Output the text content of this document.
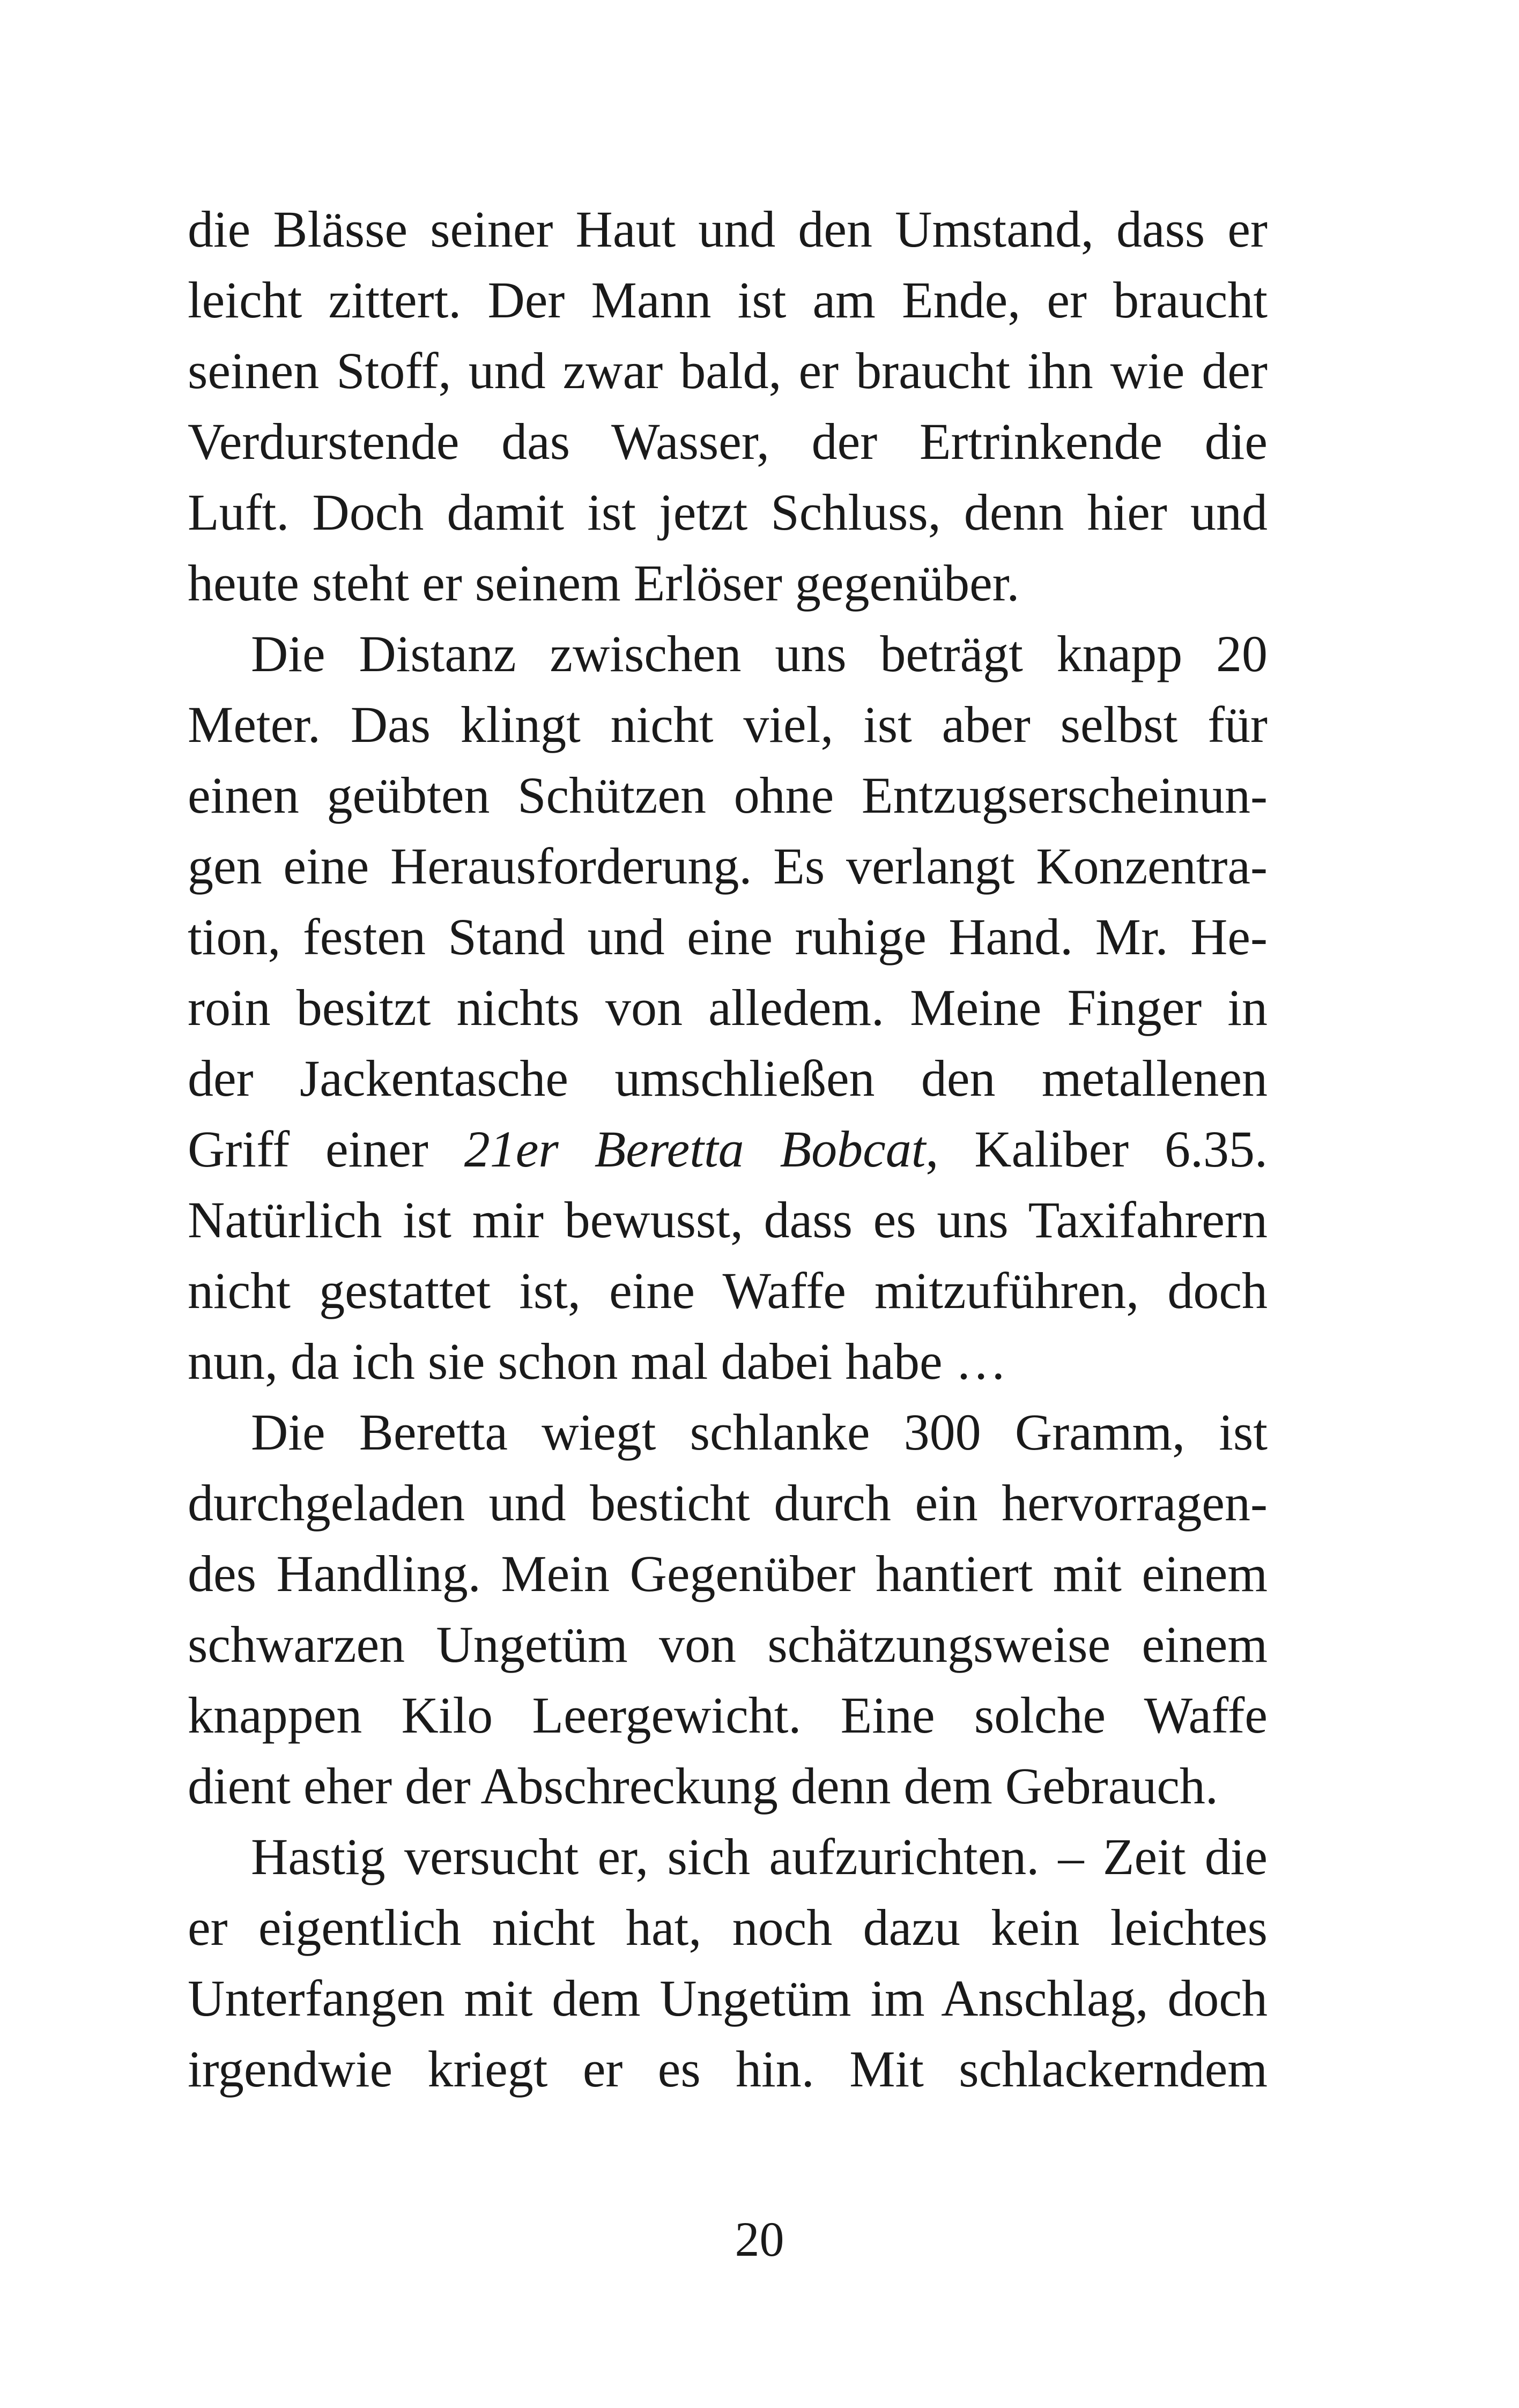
die Blässe seiner Haut und den Umstand, dass er
leicht zittert. Der Mann ist am Ende, er braucht
seinen Stoff, und zwar bald, er braucht ihn wie der
Verdurstende das Wasser, der Ertrinkende die
Luft. Doch damit ist jetzt Schluss, denn hier und
heute steht er seinem Erlöser gegenüber.
Die Distanz zwischen uns beträgt knapp 20
Meter. Das klingt nicht viel, ist aber selbst für
einen geübten Schützen ohne Entzugserscheinun-
gen eine Herausforderung. Es verlangt Konzentra-
tion, festen Stand und eine ruhige Hand. Mr. He-
roin besitzt nichts von alledem. Meine Finger in
der Jackentasche umschließen den metallenen
Griff einer 21er Beretta Bobcat, Kaliber 6.35.
Natürlich ist mir bewusst, dass es uns Taxifahrern
nicht gestattet ist, eine Waffe mitzuführen, doch
nun, da ich sie schon mal dabei habe …
Die Beretta wiegt schlanke 300 Gramm, ist
durchgeladen und besticht durch ein hervorragen-
des Handling. Mein Gegenüber hantiert mit einem
schwarzen Ungetüm von schätzungsweise einem
knappen Kilo Leergewicht. Eine solche Waffe
dient eher der Abschreckung denn dem Gebrauch.
Hastig versucht er, sich aufzurichten. – Zeit die
er eigentlich nicht hat, noch dazu kein leichtes
Unterfangen mit dem Ungetüm im Anschlag, doch
irgendwie kriegt er es hin. Mit schlackerndem
20
